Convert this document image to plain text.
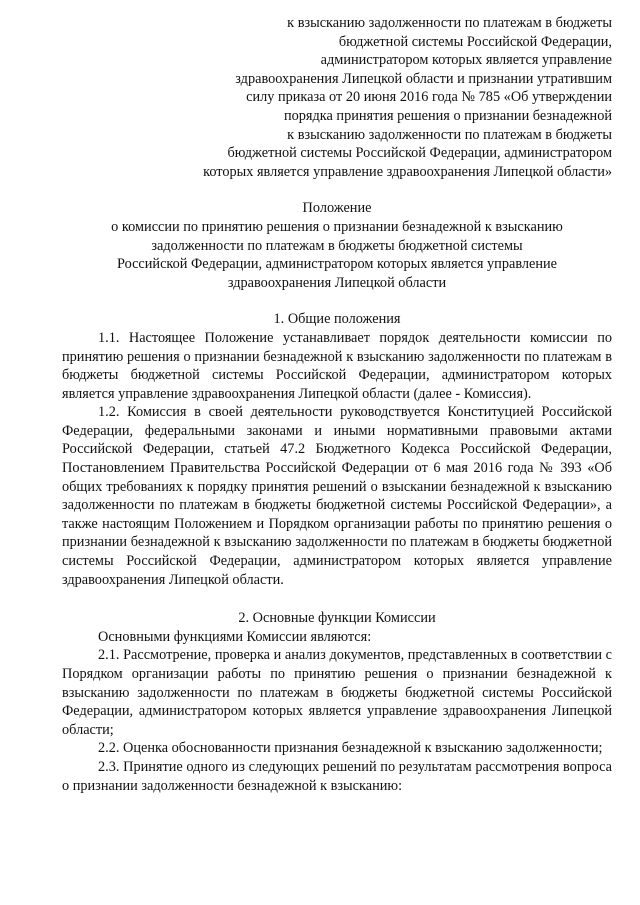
к взысканию задолженности по платежам в бюджеты
бюджетной системы Российской Федерации,
администратором которых является управление
здравоохранения Липецкой области и признании утратившим
силу приказа от 20 июня 2016 года № 785 «Об утверждении
порядка принятия решения о признании безнадежной
к взысканию задолженности по платежам в бюджеты
бюджетной системы Российской Федерации, администратором
которых является управление здравоохранения Липецкой области»
Положение
о комиссии по принятию решения о признании безнадежной к взысканию
задолженности по платежам в бюджеты бюджетной системы
Российской Федерации, администратором которых является управление
здравоохранения Липецкой области
1. Общие положения

1.1. Настоящее Положение устанавливает порядок деятельности комиссии по принятию решения о признании безнадежной к взысканию задолженности по платежам в бюджеты бюджетной системы Российской Федерации, администратором которых является управление здравоохранения Липецкой области (далее - Комиссия).

1.2. Комиссия в своей деятельности руководствуется Конституцией Российской Федерации, федеральными законами и иными нормативными правовыми актами Российской Федерации, статьей 47.2 Бюджетного Кодекса Российской Федерации, Постановлением Правительства Российской Федерации от 6 мая 2016 года № 393 «Об общих требованиях к порядку принятия решений о взыскании безнадежной к взысканию задолженности по платежам в бюджеты бюджетной системы Российской Федерации», а также настоящим Положением и Порядком организации работы по принятию решения о признании безнадежной к взысканию задолженности по платежам в бюджеты бюджетной системы Российской Федерации, администратором которых является управление здравоохранения Липецкой области.

2. Основные функции Комиссии

Основными функциями Комиссии являются:

2.1. Рассмотрение, проверка и анализ документов, представленных в соответствии с Порядком организации работы по принятию решения о признании безнадежной к взысканию задолженности по платежам в бюджеты бюджетной системы Российской Федерации, администратором которых является управление здравоохранения Липецкой области;

2.2. Оценка обоснованности признания безнадежной к взысканию задолженности;

2.3. Принятие одного из следующих решений по результатам рассмотрения вопроса о признании задолженности безнадежной к взысканию:
